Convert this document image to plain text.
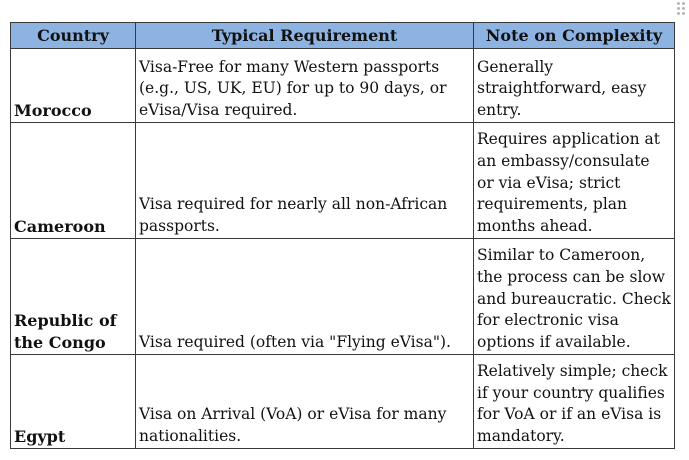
Country	Typical Requirement	Note on Complexity
Morocco	Visa-Free for many Western passports (e.g., US, UK, EU) for up to 90 days, or eVisa/Visa required.	Generally straightforward, easy entry.
Cameroon	Visa required for nearly all non-African passports.	Requires application at an embassy/consulate or via eVisa; strict requirements, plan months ahead.
Republic of the Congo	Visa required (often via "Flying eVisa").	Similar to Cameroon, the process can be slow and bureaucratic. Check for electronic visa options if available.
Egypt	Visa on Arrival (VoA) or eVisa for many nationalities.	Relatively simple; check if your country qualifies for VoA or if an eVisa is mandatory.
